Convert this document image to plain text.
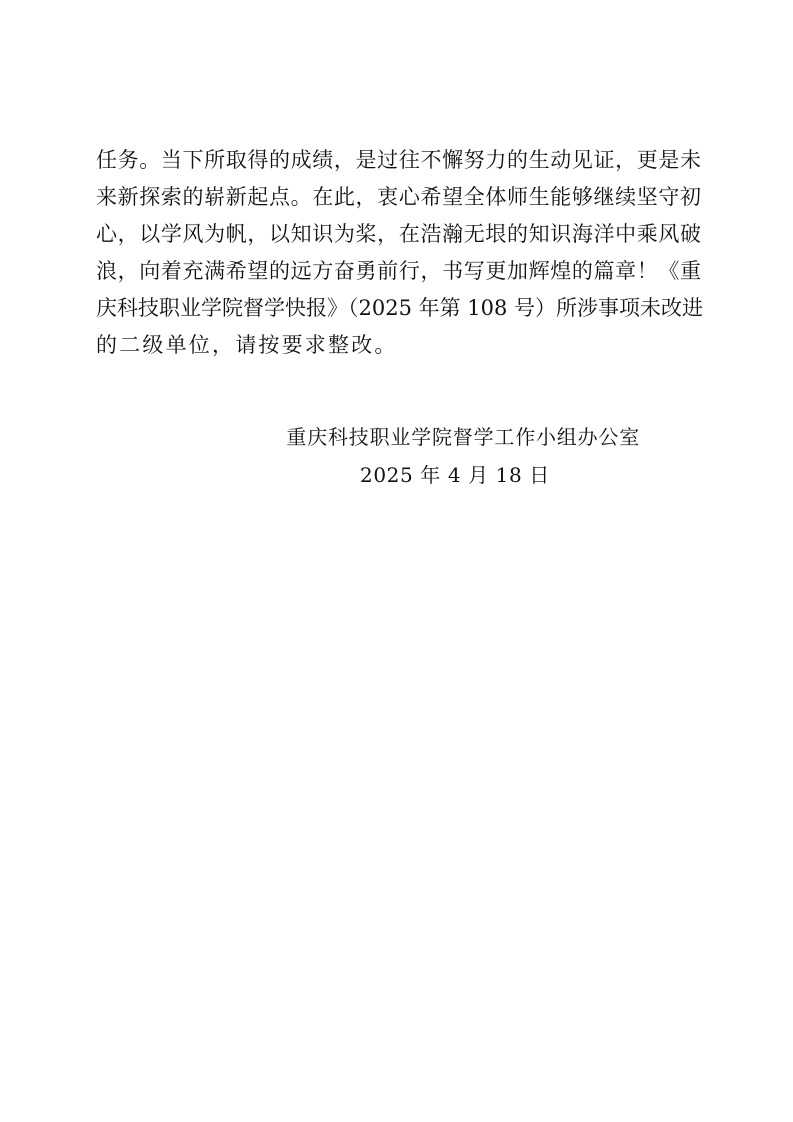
任务。当下所取得的成绩，是过往不懈努力的生动见证，更是未
来新探索的崭新起点。在此，衷心希望全体师生能够继续坚守初
心，以学风为帆，以知识为桨，在浩瀚无垠的知识海洋中乘风破
浪，向着充满希望的远方奋勇前行，书写更加辉煌的篇章！《重
庆科技职业学院督学快报》（2025 年第 108 号）所涉事项未改进
的二级单位，请按要求整改。
重庆科技职业学院督学工作小组办公室
2025 年 4 月 18 日
